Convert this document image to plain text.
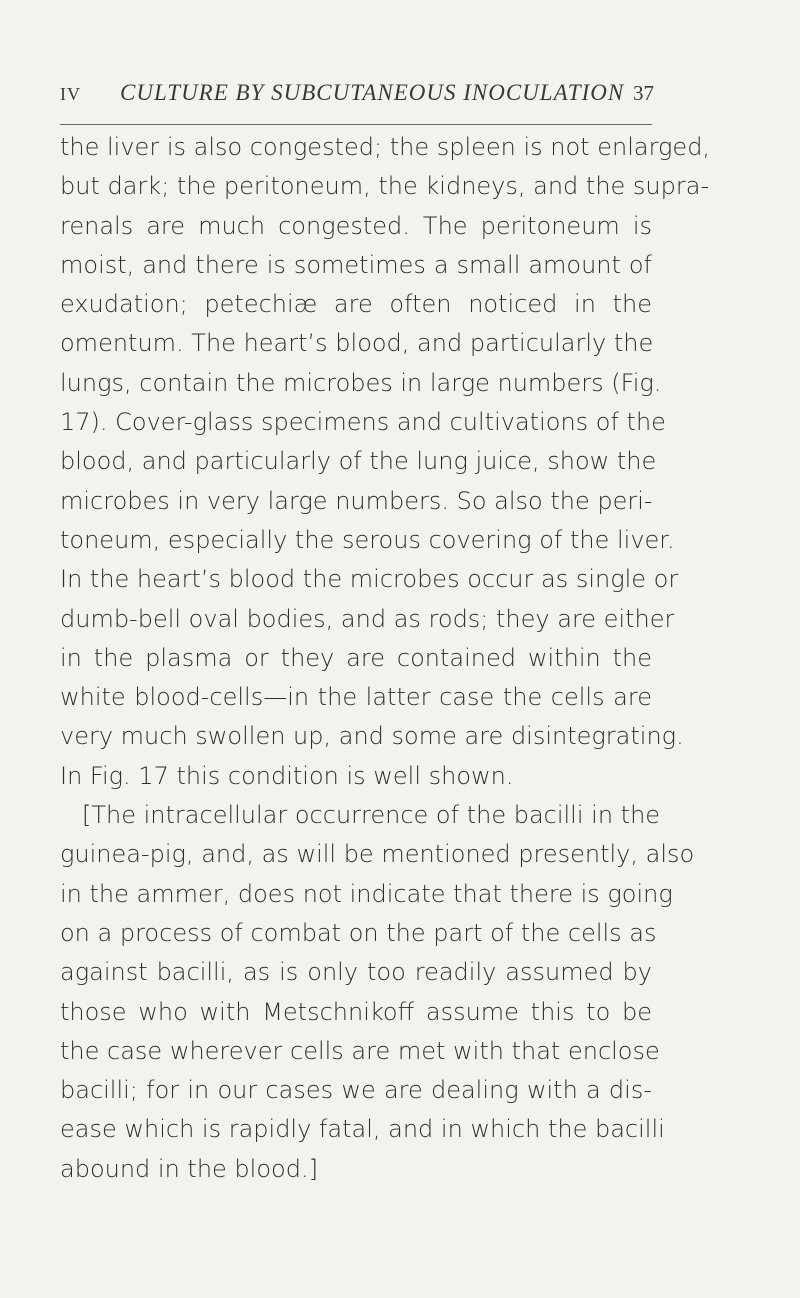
IV CULTURE BY SUBCUTANEOUS INOCULATION 37
the liver is also congested; the spleen is not enlarged,
but dark; the peritoneum, the kidneys, and the supra-
renals are much congested. The peritoneum is
moist, and there is sometimes a small amount of
exudation; petechiæ are often noticed in the
omentum. The heart’s blood, and particularly the
lungs, contain the microbes in large numbers (Fig.
17). Cover-glass specimens and cultivations of the
blood, and particularly of the lung juice, show the
microbes in very large numbers. So also the peri-
toneum, especially the serous covering of the liver.
In the heart’s blood the microbes occur as single or
dumb-bell oval bodies, and as rods; they are either
in the plasma or they are contained within the
white blood-cells—in the latter case the cells are
very much swollen up, and some are disintegrating.
In Fig. 17 this condition is well shown.
[The intracellular occurrence of the bacilli in the
guinea-pig, and, as will be mentioned presently, also
in the ammer, does not indicate that there is going
on a process of combat on the part of the cells as
against bacilli, as is only too readily assumed by
those who with Metschnikoff assume this to be
the case wherever cells are met with that enclose
bacilli; for in our cases we are dealing with a dis-
ease which is rapidly fatal, and in which the bacilli
abound in the blood.]
